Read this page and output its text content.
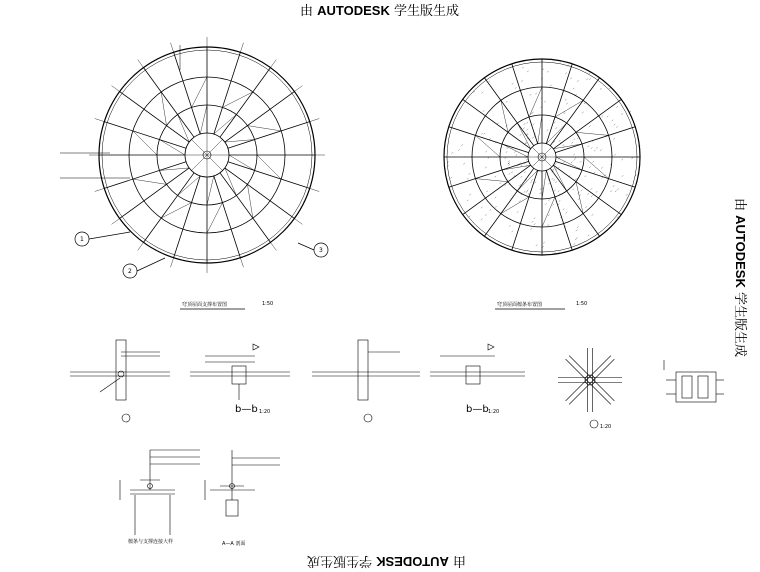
由 AUTODESK 学生版生成
由 AUTODESK 学生版生成
由 AUTODESK 学生版生成
穹顶屋面支撑布置图	1:50	穹顶屋面檩条布置图	1:50
1
2
3
b—b 1:20	b—b 1:20
1:20
A—A 剖面
檩条与支撑连接大样
